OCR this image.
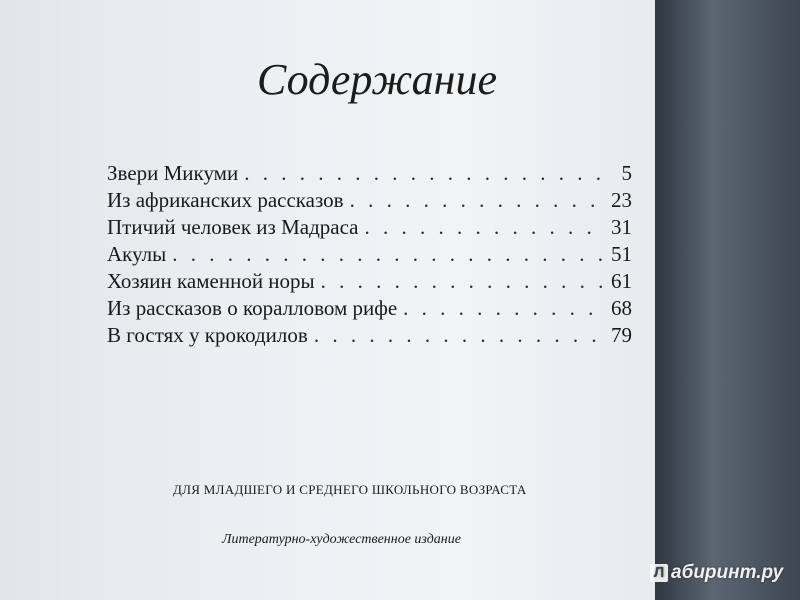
Содержание
Звери Микуми . . .	5
Из африканских рассказов . . .	23
Птичий человек из Мадраса . . .	31
Акулы . . .	51
Хозяин каменной норы . . .	61
Из рассказов о коралловом рифе . . .	68
В гостях у крокодилов . . .	79
ДЛЯ МЛАДШЕГО И СРЕДНЕГО ШКОЛЬНОГО ВОЗРАСТА
Литературно-художественное издание
Л абиринт.ру
